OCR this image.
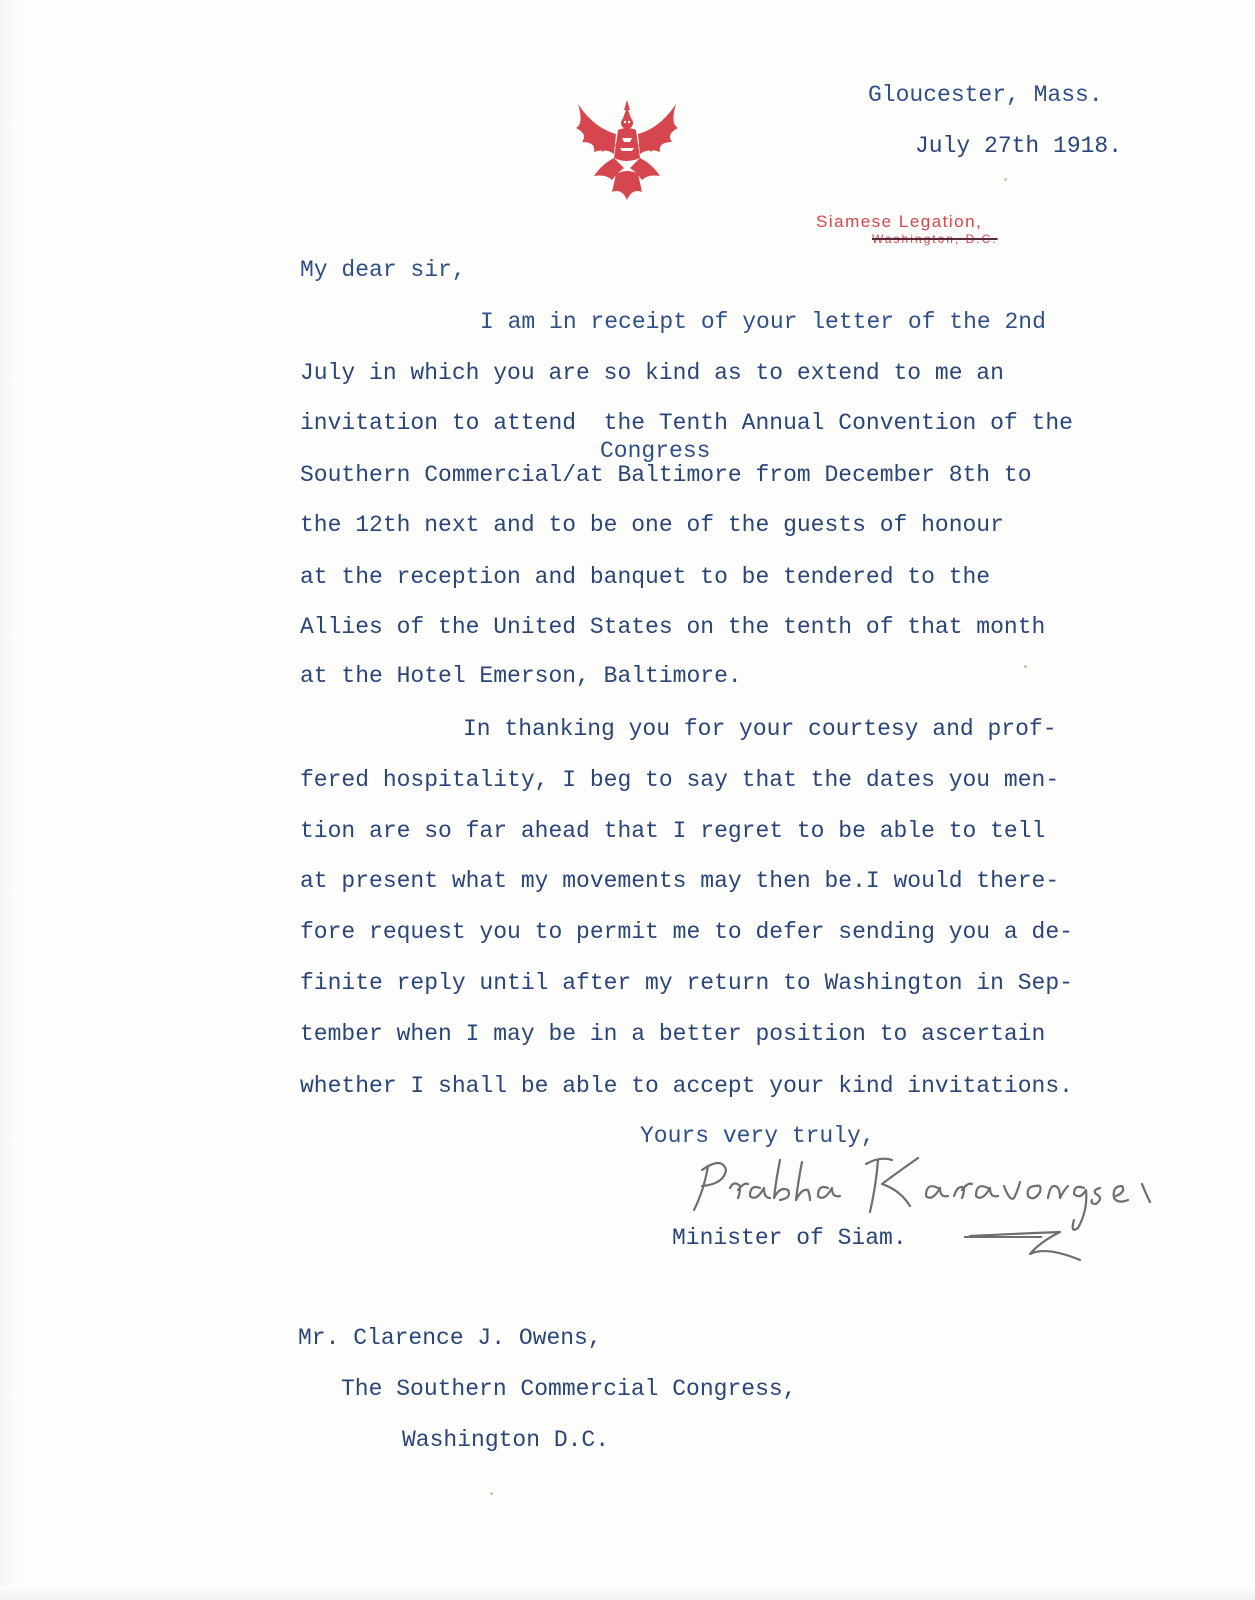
Gloucester, Mass.
July 27th 1918.
Siamese Legation,
Washington, D.C.
My dear sir,
I am in receipt of your letter of the 2nd
July in which you are so kind as to extend to me an
invitation to attend  the Tenth Annual Convention of the
Congress
Southern Commercial/at Baltimore from December 8th to
the 12th next and to be one of the guests of honour
at the reception and banquet to be tendered to the
Allies of the United States on the tenth of that month
at the Hotel Emerson, Baltimore.
In thanking you for your courtesy and prof-
fered hospitality, I beg to say that the dates you men-
tion are so far ahead that I regret to be able to tell
at present what my movements may then be.I would there-
fore request you to permit me to defer sending you a de-
finite reply until after my return to Washington in Sep-
tember when I may be in a better position to ascertain
whether I shall be able to accept your kind invitations.
Yours very truly,
Minister of Siam.
Mr. Clarence J. Owens,
The Southern Commercial Congress,
Washington D.C.
